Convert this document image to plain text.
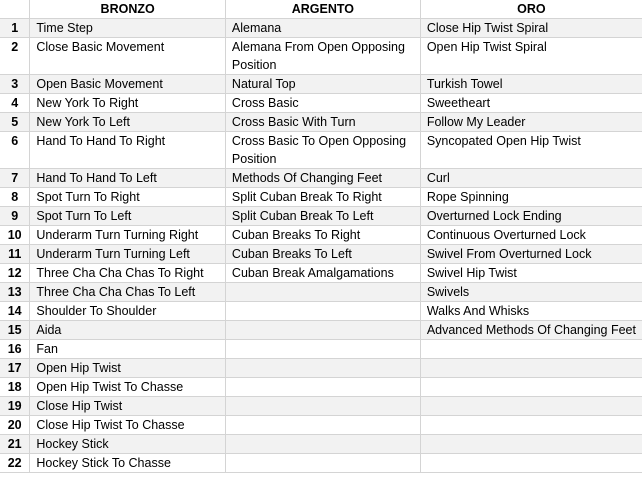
	BRONZO	ARGENTO	ORO
1	Time Step	Alemana	Close Hip Twist Spiral
2	Close Basic Movement	Alemana From Open Opposing Position	Open Hip Twist Spiral
3	Open Basic Movement	Natural Top	Turkish Towel
4	New York To Right	Cross Basic	Sweetheart
5	New York To Left	Cross Basic With Turn	Follow My Leader
6	Hand To Hand To Right	Cross Basic To Open Opposing Position	Syncopated Open Hip Twist
7	Hand To Hand To Left	Methods Of Changing Feet	Curl
8	Spot Turn To Right	Split Cuban Break To Right	Rope Spinning
9	Spot Turn To Left	Split Cuban Break To Left	Overturned Lock Ending
10	Underarm Turn Turning Right	Cuban Breaks To Right	Continuous Overturned Lock
11	Underarm Turn Turning Left	Cuban Breaks To Left	Swivel From Overturned Lock
12	Three Cha Cha Chas To Right	Cuban Break Amalgamations	Swivel Hip Twist
13	Three Cha Cha Chas To Left		Swivels
14	Shoulder To Shoulder		Walks And Whisks
15	Aida		Advanced Methods Of Changing Feet
16	Fan		
17	Open Hip Twist		
18	Open Hip Twist To Chasse		
19	Close Hip Twist		
20	Close Hip Twist To Chasse		
21	Hockey Stick		
22	Hockey Stick To Chasse		
